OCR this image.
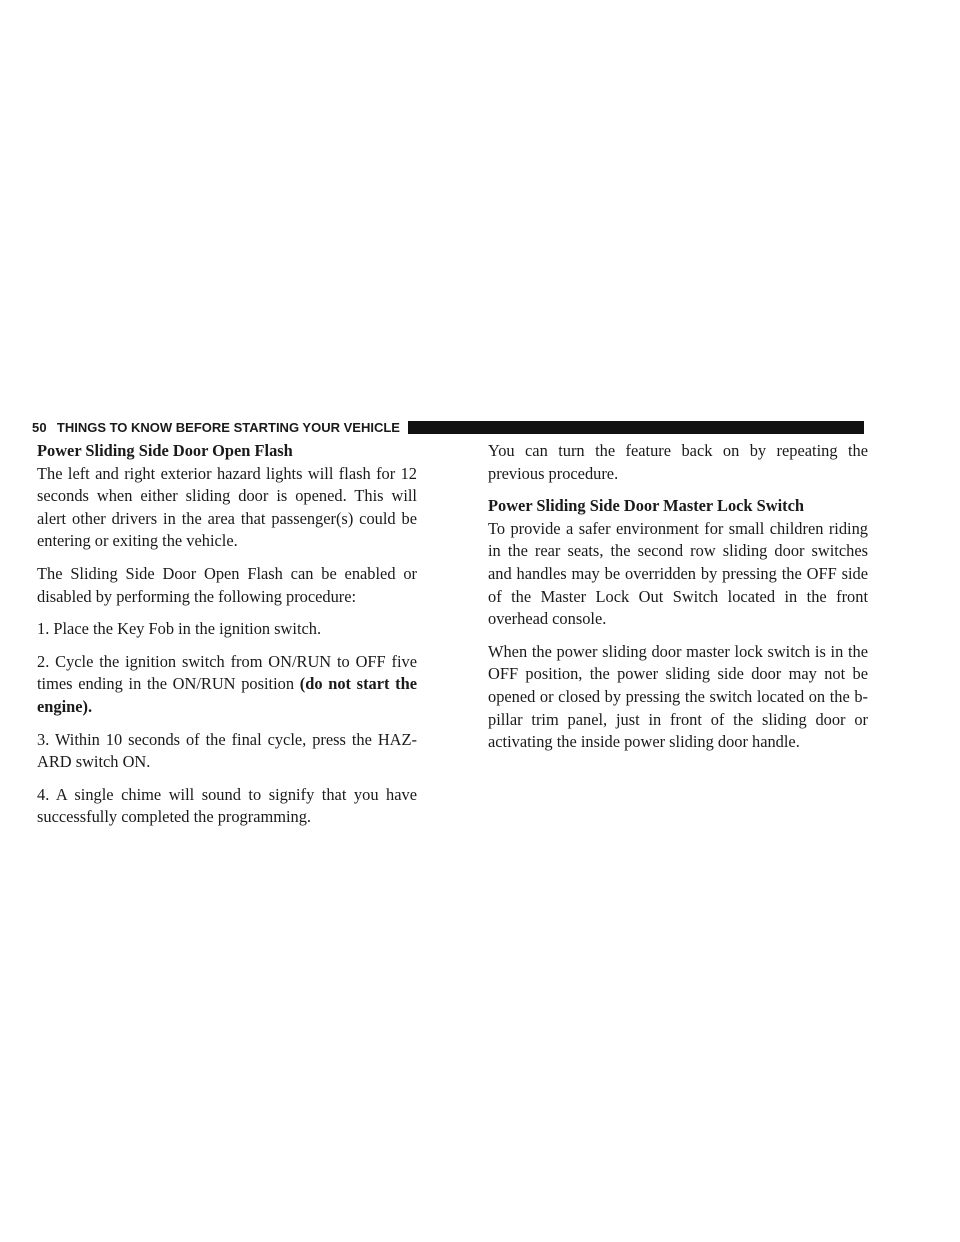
50 THINGS TO KNOW BEFORE STARTING YOUR VEHICLE
Power Sliding Side Door Open Flash

The left and right exterior hazard lights will flash for 12 seconds when either sliding door is opened. This will alert other drivers in the area that passenger(s) could be entering or exiting the vehicle.

The Sliding Side Door Open Flash can be enabled or disabled by performing the following procedure:

1. Place the Key Fob in the ignition switch.

2. Cycle the ignition switch from ON/RUN to OFF five times ending in the ON/RUN position (do not start the engine).

3. Within 10 seconds of the final cycle, press the HAZ-ARD switch ON.

4. A single chime will sound to signify that you have successfully completed the programming.

You can turn the feature back on by repeating the previous procedure.

Power Sliding Side Door Master Lock Switch

To provide a safer environment for small children riding in the rear seats, the second row sliding door switches and handles may be overridden by pressing the OFF side of the Master Lock Out Switch located in the front overhead console.

When the power sliding door master lock switch is in the OFF position, the power sliding side door may not be opened or closed by pressing the switch located on the b-pillar trim panel, just in front of the sliding door or activating the inside power sliding door handle.
